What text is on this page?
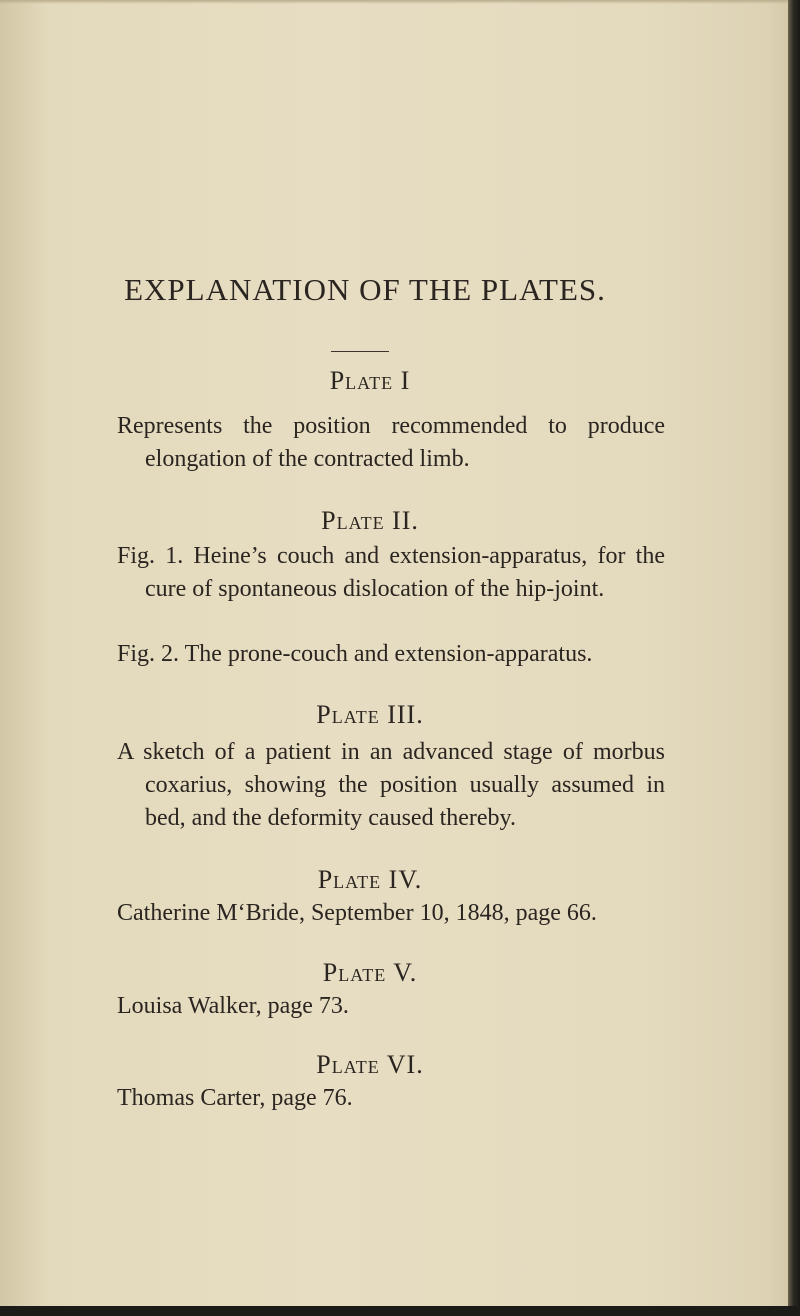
EXPLANATION OF THE PLATES.
Plate I
Represents the position recommended to produce elongation of the contracted limb.
Plate II.
Fig. 1. Heine’s couch and extension-apparatus, for the cure of spontaneous dislocation of the hip-joint.
Fig. 2. The prone-couch and extension-apparatus.
Plate III.
A sketch of a patient in an advanced stage of morbus coxarius, showing the position usually assumed in bed, and the deformity caused thereby.
Plate IV.
Catherine M‘Bride, September 10, 1848, page 66.
Plate V.
Louisa Walker, page 73.
Plate VI.
Thomas Carter, page 76.
